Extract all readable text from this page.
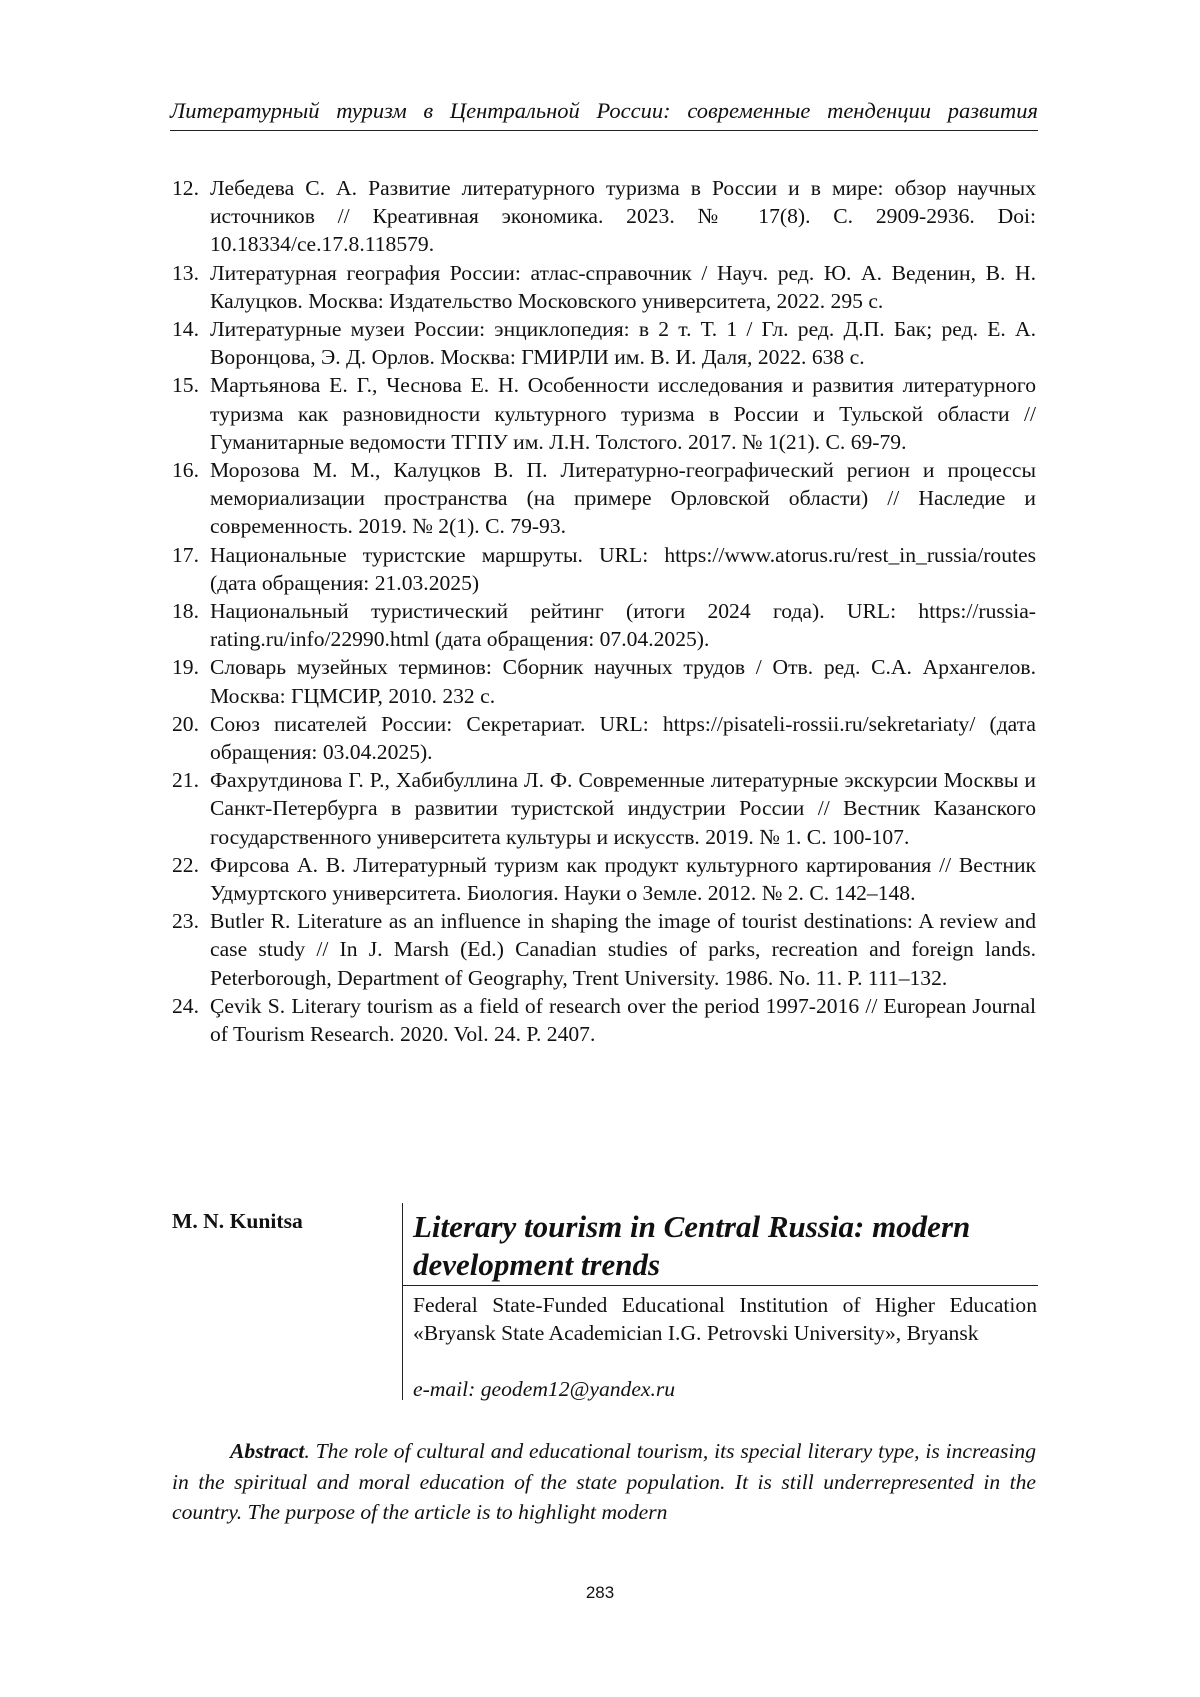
Литературный туризм в Центральной России: современные тенденции развития
12. Лебедева С. А. Развитие литературного туризма в России и в мире: обзор научных источников // Креативная экономика. 2023. № 17(8). С. 2909-2936. Doi: 10.18334/ce.17.8.118579.
13. Литературная география России: атлас-справочник / Науч. ред. Ю. А. Веденин, В. Н. Калуцков. Москва: Издательство Московского университета, 2022. 295 с.
14. Литературные музеи России: энциклопедия: в 2 т. Т. 1 / Гл. ред. Д.П. Бак; ред. Е. А. Воронцова, Э. Д. Орлов. Москва: ГМИРЛИ им. В. И. Даля, 2022. 638 с.
15. Мартьянова Е. Г., Чеснова Е. Н. Особенности исследования и развития литературного туризма как разновидности культурного туризма в России и Тульской области // Гуманитарные ведомости ТГПУ им. Л.Н. Толстого. 2017. № 1(21). С. 69-79.
16. Морозова М. М., Калуцков В. П. Литературно-географический регион и процессы мемориализации пространства (на примере Орловской области) // Наследие и современность. 2019. № 2(1). С. 79-93.
17. Национальные туристские маршруты. URL: https://www.atorus.ru/rest_in_russia/routes (дата обращения: 21.03.2025)
18. Национальный туристический рейтинг (итоги 2024 года). URL: https://russia-rating.ru/info/22990.html (дата обращения: 07.04.2025).
19. Словарь музейных терминов: Сборник научных трудов / Отв. ред. С.А. Архангелов. Москва: ГЦМСИР, 2010. 232 с.
20. Союз писателей России: Секретариат. URL: https://pisateli-rossii.ru/sekretariaty/ (дата обращения: 03.04.2025).
21. Фахрутдинова Г. Р., Хабибуллина Л. Ф. Современные литературные экскурсии Москвы и Санкт-Петербурга в развитии туристской индустрии России // Вестник Казанского государственного университета культуры и искусств. 2019. № 1. С. 100-107.
22. Фирсова А. В. Литературный туризм как продукт культурного картирования // Вестник Удмуртского университета. Биология. Науки о Земле. 2012. № 2. С. 142–148.
23. Butler R. Literature as an influence in shaping the image of tourist destinations: A review and case study // In J. Marsh (Ed.) Canadian studies of parks, recreation and foreign lands. Peterborough, Department of Geography, Trent University. 1986. No. 11. P. 111–132.
24. Çevik S. Literary tourism as a field of research over the period 1997-2016 // European Journal of Tourism Research. 2020. Vol. 24. P. 2407.
M. N. Kunitsa	Literary tourism in Central Russia: modern development trends
Federal State-Funded Educational Institution of Higher Education «Bryansk State Academician I.G. Petrovski University», Bryansk
e-mail: geodem12@yandex.ru

Abstract. The role of cultural and educational tourism, its special literary type, is increasing in the spiritual and moral education of the state population. It is still underrepresented in the country. The purpose of the article is to highlight modern

283
